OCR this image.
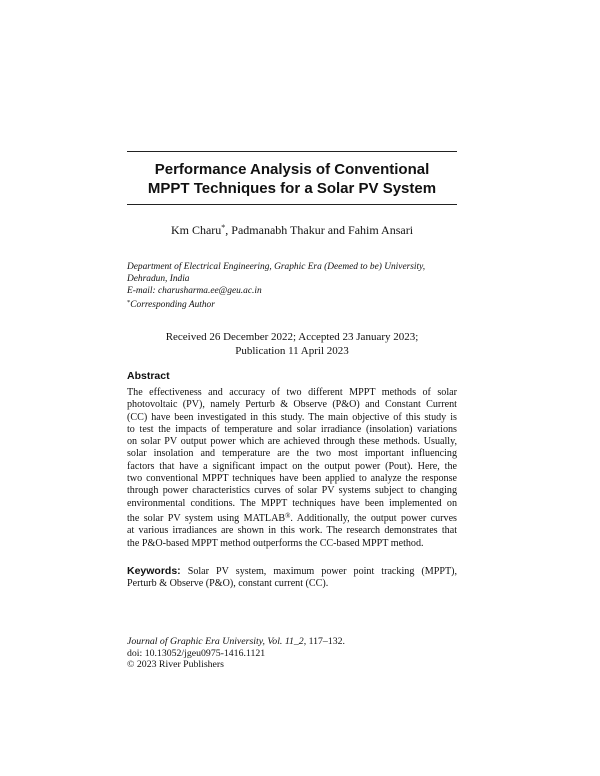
Performance Analysis of Conventional
MPPT Techniques for a Solar PV System
Km Charu*, Padmanabh Thakur and Fahim Ansari
Department of Electrical Engineering, Graphic Era (Deemed to be) University,
Dehradun, India
E-mail: charusharma.ee@geu.ac.in
*Corresponding Author
Received 26 December 2022; Accepted 23 January 2023;
Publication 11 April 2023
Abstract
The effectiveness and accuracy of two different MPPT methods of solar
photovoltaic (PV), namely Perturb & Observe (P&O) and Constant Current
(CC) have been investigated in this study. The main objective of this study is
to test the impacts of temperature and solar irradiance (insolation) variations
on solar PV output power which are achieved through these methods. Usually,
solar insolation and temperature are the two most important influencing
factors that have a significant impact on the output power (Pout). Here, the
two conventional MPPT techniques have been applied to analyze the response
through power characteristics curves of solar PV systems subject to changing
environmental conditions. The MPPT techniques have been implemented on
the solar PV system using MATLAB®. Additionally, the output power curves
at various irradiances are shown in this work. The research demonstrates that
the P&O-based MPPT method outperforms the CC-based MPPT method.
Keywords: Solar PV system, maximum power point tracking (MPPT),
Perturb & Observe (P&O), constant current (CC).
Journal of Graphic Era University, Vol. 11_2, 117–132.
doi: 10.13052/jgeu0975-1416.1121
© 2023 River Publishers
